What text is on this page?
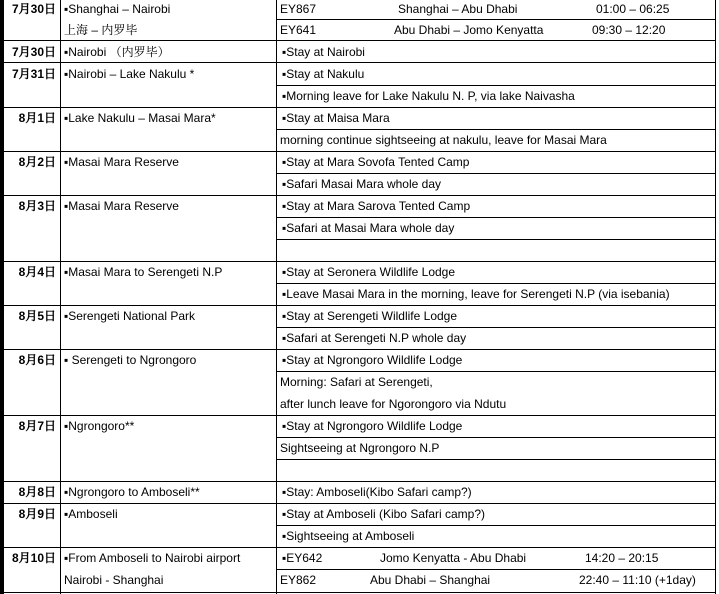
7月30日 ▪Shanghai – Nairobi
上海 – 内罗毕
EY867	Shanghai – Abu Dhabi	01:00 – 06:25
EY641	Abu Dhabi – Jomo Kenyatta	09:30 – 12:20
7月30日 ▪Nairobi （内罗毕）	▪Stay at Nairobi
7月31日 ▪Nairobi – Lake Nakulu *	▪Stay at Nakulu
▪Morning leave for Lake Nakulu N. P, via lake Naivasha
8月1日 ▪Lake Nakulu – Masai Mara*	▪Stay at Maisa Mara
morning continue sightseeing at nakulu, leave for Masai Mara
8月2日 ▪Masai Mara Reserve	▪Stay at Mara Sovofa Tented Camp
▪Safari Masai Mara whole day
8月3日 ▪Masai Mara Reserve	▪Stay at Mara Sarova Tented Camp
▪Safari at Masai Mara whole day
8月4日 ▪Masai Mara to Serengeti N.P	▪Stay at Seronera Wildlife Lodge
▪Leave Masai Mara in the morning, leave for Serengeti N.P (via isebania)
8月5日 ▪Serengeti National Park	▪Stay at Serengeti Wildlife Lodge
▪Safari at Serengeti N.P whole day
8月6日 ▪ Serengeti to Ngrongoro	▪Stay at Ngrongoro Wildlife Lodge
Morning: Safari at Serengeti,
after lunch leave for Ngorongoro via Ndutu
8月7日 ▪Ngrongoro**	▪Stay at Ngrongoro Wildlife Lodge
Sightseeing at Ngrongoro N.P
8月8日 ▪Ngrongoro to Amboseli**	▪Stay: Amboseli(Kibo Safari camp?)
8月9日 ▪Amboseli	▪Stay at Amboseli (Kibo Safari camp?)
▪Sightseeing at Amboseli
8月10日 ▪From Amboseli to Nairobi airport
Nairobi - Shanghai
▪EY642	Jomo Kenyatta - Abu Dhabi	14:20 – 20:15
EY862	Abu Dhabi – Shanghai	22:40 – 11:10 (+1day)
